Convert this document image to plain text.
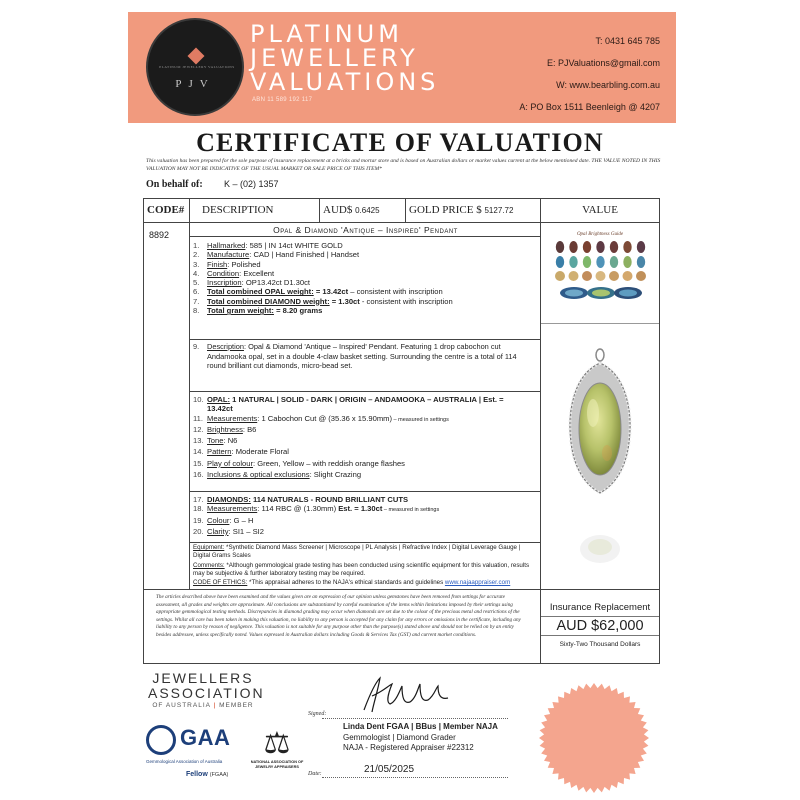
PLATINUM JEWELLERY VALUATIONS
PJV
PLATINUM
JEWELLERY
VALUATIONS
ABN 11 589 192 117
T: 0431 645 785
E: PJValuations@gmail.com
W: www.bearbling.com.au
A: PO Box 1511 Beenleigh @ 4207
CERTIFICATE OF VALUATION
This valuation has been prepared for the sole purpose of insurance replacement at a bricks and mortar store and is based on Australian dollars or market values current at the below mentioned date. THE VALUE NOTED IN THIS VALUATION MAY NOT BE INDICATIVE OF THE USUAL MARKET OR SALE PRICE OF THIS ITEM*
On behalf of: K – (02) 1357
CODE#	DESCRIPTION	AUD$ 0.6425	GOLD PRICE $ 5127.72	VALUE
8892	Opal & Diamond 'Antique – Inspired' Pendant
1. Hallmarked: 585 | IN 14ct WHITE GOLD
2. Manufacture: CAD | Hand Finished | Handset
3. Finish: Polished
4. Condition: Excellent
5. Inscription: OP13.42ct D1.30ct
6. Total combined OPAL weight: = 13.42ct – consistent with inscription
7. Total combined DIAMOND weight: = 1.30ct - consistent with inscription
8. Total gram weight: = 8.20 grams
9. Description: Opal & Diamond 'Antique – Inspired' Pendant. Featuring 1 drop cabochon cut Andamooka opal, set in a double 4-claw basket setting. Surrounding the centre is a total of 114 round brilliant cut diamonds, micro-bead set.
10. OPAL: 1 NATURAL | SOLID - DARK | ORIGIN – ANDAMOOKA – AUSTRALIA | Est. =
13.42ct
11. Measurements: 1 Cabochon Cut @ (35.36 x 15.90mm) – measured in settings
12. Brightness: B6
13. Tone: N6
14. Pattern: Moderate Floral
15. Play of colour: Green, Yellow – with reddish orange flashes
16. Inclusions & optical exclusions: Slight Crazing
17. DIAMONDS: 114 NATURALS - ROUND BRILLIANT CUTS
18. Measurements: 114 RBC @ (1.30mm) Est. = 1.30ct – measured in settings
19. Colour: G – H
20. Clarity: SI1 – SI2
Equipment: *Synthetic Diamond Mass Screener | Microscope | PL Analysis | Refractive Index | Digital Leverage Gauge | Digital Grams Scales
Comments: *Although gemmological grade testing has been conducted using scientific equipment for this valuation, results may be subjective & further laboratory testing may be required.
CODE OF ETHICS: *This appraisal adheres to the NAJA's ethical standards and guidelines www.najaappraiser.com
Opal Brightness Guide
The articles described above have been examined and the values given are an expression of our opinion unless gemstones have been removed from settings for accurate assessment, all grades and weights are approximate. All conclusions are substantiated by careful examination of the items within limitations imposed by their settings using appropriate gemmological testing methods. Discrepancies in diamond grading may occur when diamonds are set due to the colour of the precious metal and restrictions of the settings. Whilst all care has been taken in making this valuation, no liability to any person is accepted for any claim for any errors or omissions in the certificate, including any liability to any person by reason of negligence. This valuation is not suitable for any purpose other than the purpose(s) stated above and should not be relied on by an entity besides addressee, unless specifically noted. Values expressed in Australian dollars including Goods & Services Tax (GST) and current market conditions.
Insurance Replacement
AUD $62,000
Sixty-Two Thousand Dollars
JEWELLERS
ASSOCIATION
OF AUSTRALIA | MEMBER
GAA
Gemmological Association of Australia
Fellow (FGAA)
⚖
NATIONAL ASSOCIATION OF JEWELRY APPRAISERS
Signed:
Linda Dent FGAA | BBus | Member NAJA
Gemmologist | Diamond Grader
NAJA - Registered Appraiser #22312
Date:	21/05/2025
